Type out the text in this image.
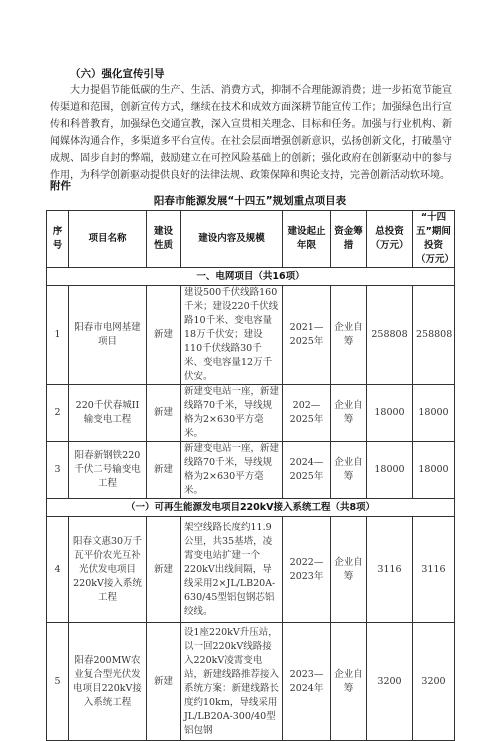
（六）强化宣传引导

大力提倡节能低碳的生产、生活、消费方式，抑制不合理能源消费；进一步拓宽节能宣传渠道和范围，创新宣传方式，继续在技术和成效方面深耕节能宣传工作；加强绿色出行宣传和科普教育，加强绿色交通宣教，深入宣贯相关理念、目标和任务。加强与行业机构、新闻媒体沟通合作，多渠道多平台宣传。在社会层面增强创新意识，弘扬创新文化，打破墨守成规、固步自封的弊端，鼓励建立在可控风险基础上的创新；强化政府在创新驱动中的参与作用，为科学创新驱动提供良好的法律法规、政策保障和舆论支持，完善创新活动软环境。

附件
阳春市能源发展“十四五”规划重点项目表
序号	项目名称	建设性质	建设内容及规模	建设起止年限	资金筹措	总投资（万元）	“十四五”期间投资（万元）
一、电网项目（共16项）							
1	阳春市电网基建项目	新建	建设500千伏线路160千米；建设220千伏线路10千米、变电容量18万千伏安；建设110千伏线路30千米、变电容量12万千伏安。	2021—2025年	企业自筹	258808	258808
2	220千伏春城II输变电工程	新建	新建变电站一座，新建线路70千米，导线规格为2×630平方毫米。	202—2025年	企业自筹	18000	18000
3	阳春新钢铁220千伏二号输变电工程	新建	新建变电站一座，新建线路70千米，导线规格为2×630平方毫米。	2024—2025年	企业自筹	18000	18000
（一）可再生能源发电项目220kV接入系统工程（共8项）							
4	阳春文惠30万千瓦平价农光互补光伏发电项目220kV接入系统工程	新建	架空线路长度约11.9公里，共35基塔，凌霄变电站扩建一个220kV出线间隔，导线采用2×JL/LB20A-630/45型铝包钢芯铝绞线。	2022—2023年	企业自筹	3116	3116
5	阳春200MW农业复合型光伏发电项目220kV接入系统工程	新建	设1座220kV升压站，以一回220kV线路接入220kV凌霄变电站，新建线路推荐接入系统方案：新建线路长度约10km，导线采用JL/LB20A-300/40型铝包钢	2023—2024年	企业自筹	3200	3200
